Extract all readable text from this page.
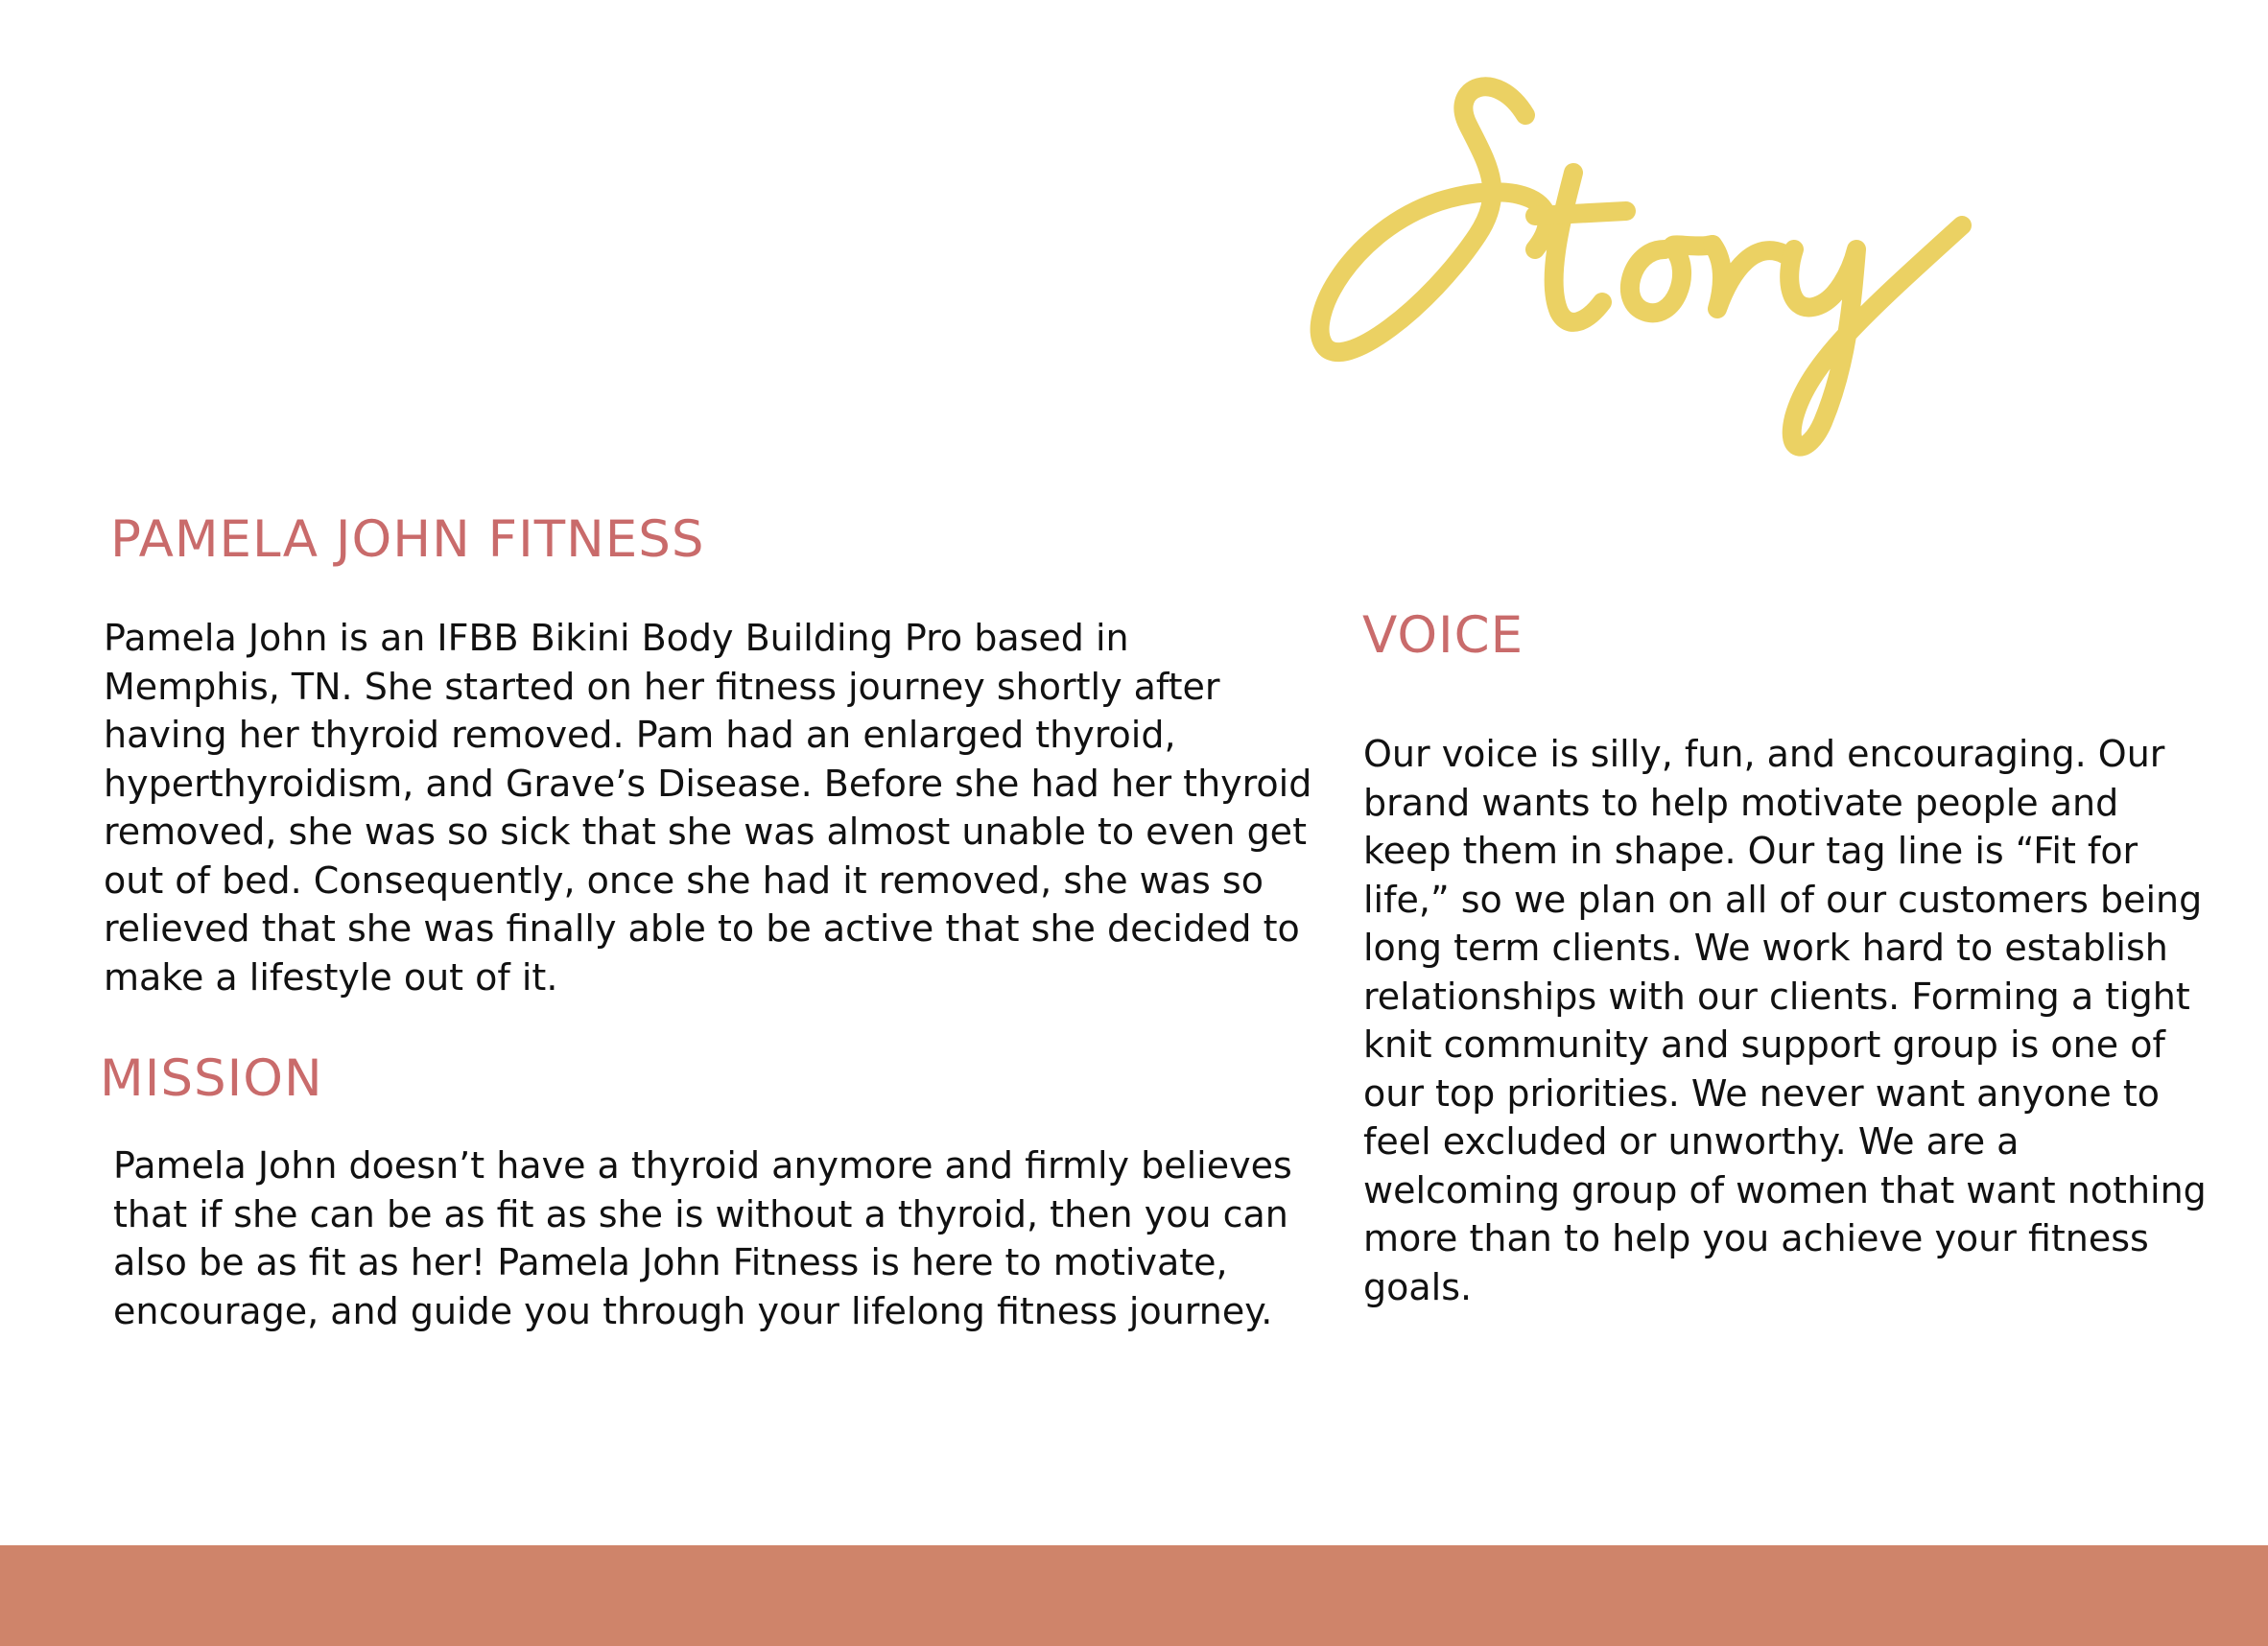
PAMELA JOHN FITNESS

Pamela John is an IFBB Bikini Body Building Pro based in Memphis, TN. She started on her fitness journey shortly after having her thyroid removed. Pam had an enlarged thyroid, hyperthyroidism, and Grave’s Disease. Before she had her thyroid removed, she was so sick that she was almost unable to even get out of bed. Consequently, once she had it removed, she was so relieved that she was finally able to be active that she decided to make a lifestyle out of it.

MISSION

Pamela John doesn’t have a thyroid anymore and firmly believes that if she can be as fit as she is without a thyroid, then you can also be as fit as her! Pamela John Fitness is here to motivate, encourage, and guide you through your lifelong fitness journey.

VOICE

Our voice is silly, fun, and encouraging. Our brand wants to help motivate people and keep them in shape. Our tag line is “Fit for life,” so we plan on all of our customers being long term clients. We work hard to establish relationships with our clients. Forming a tight knit community and support group is one of our top priorities. We never want anyone to feel excluded or unworthy. We are a welcoming group of women that want nothing more than to help you achieve your fitness goals.
